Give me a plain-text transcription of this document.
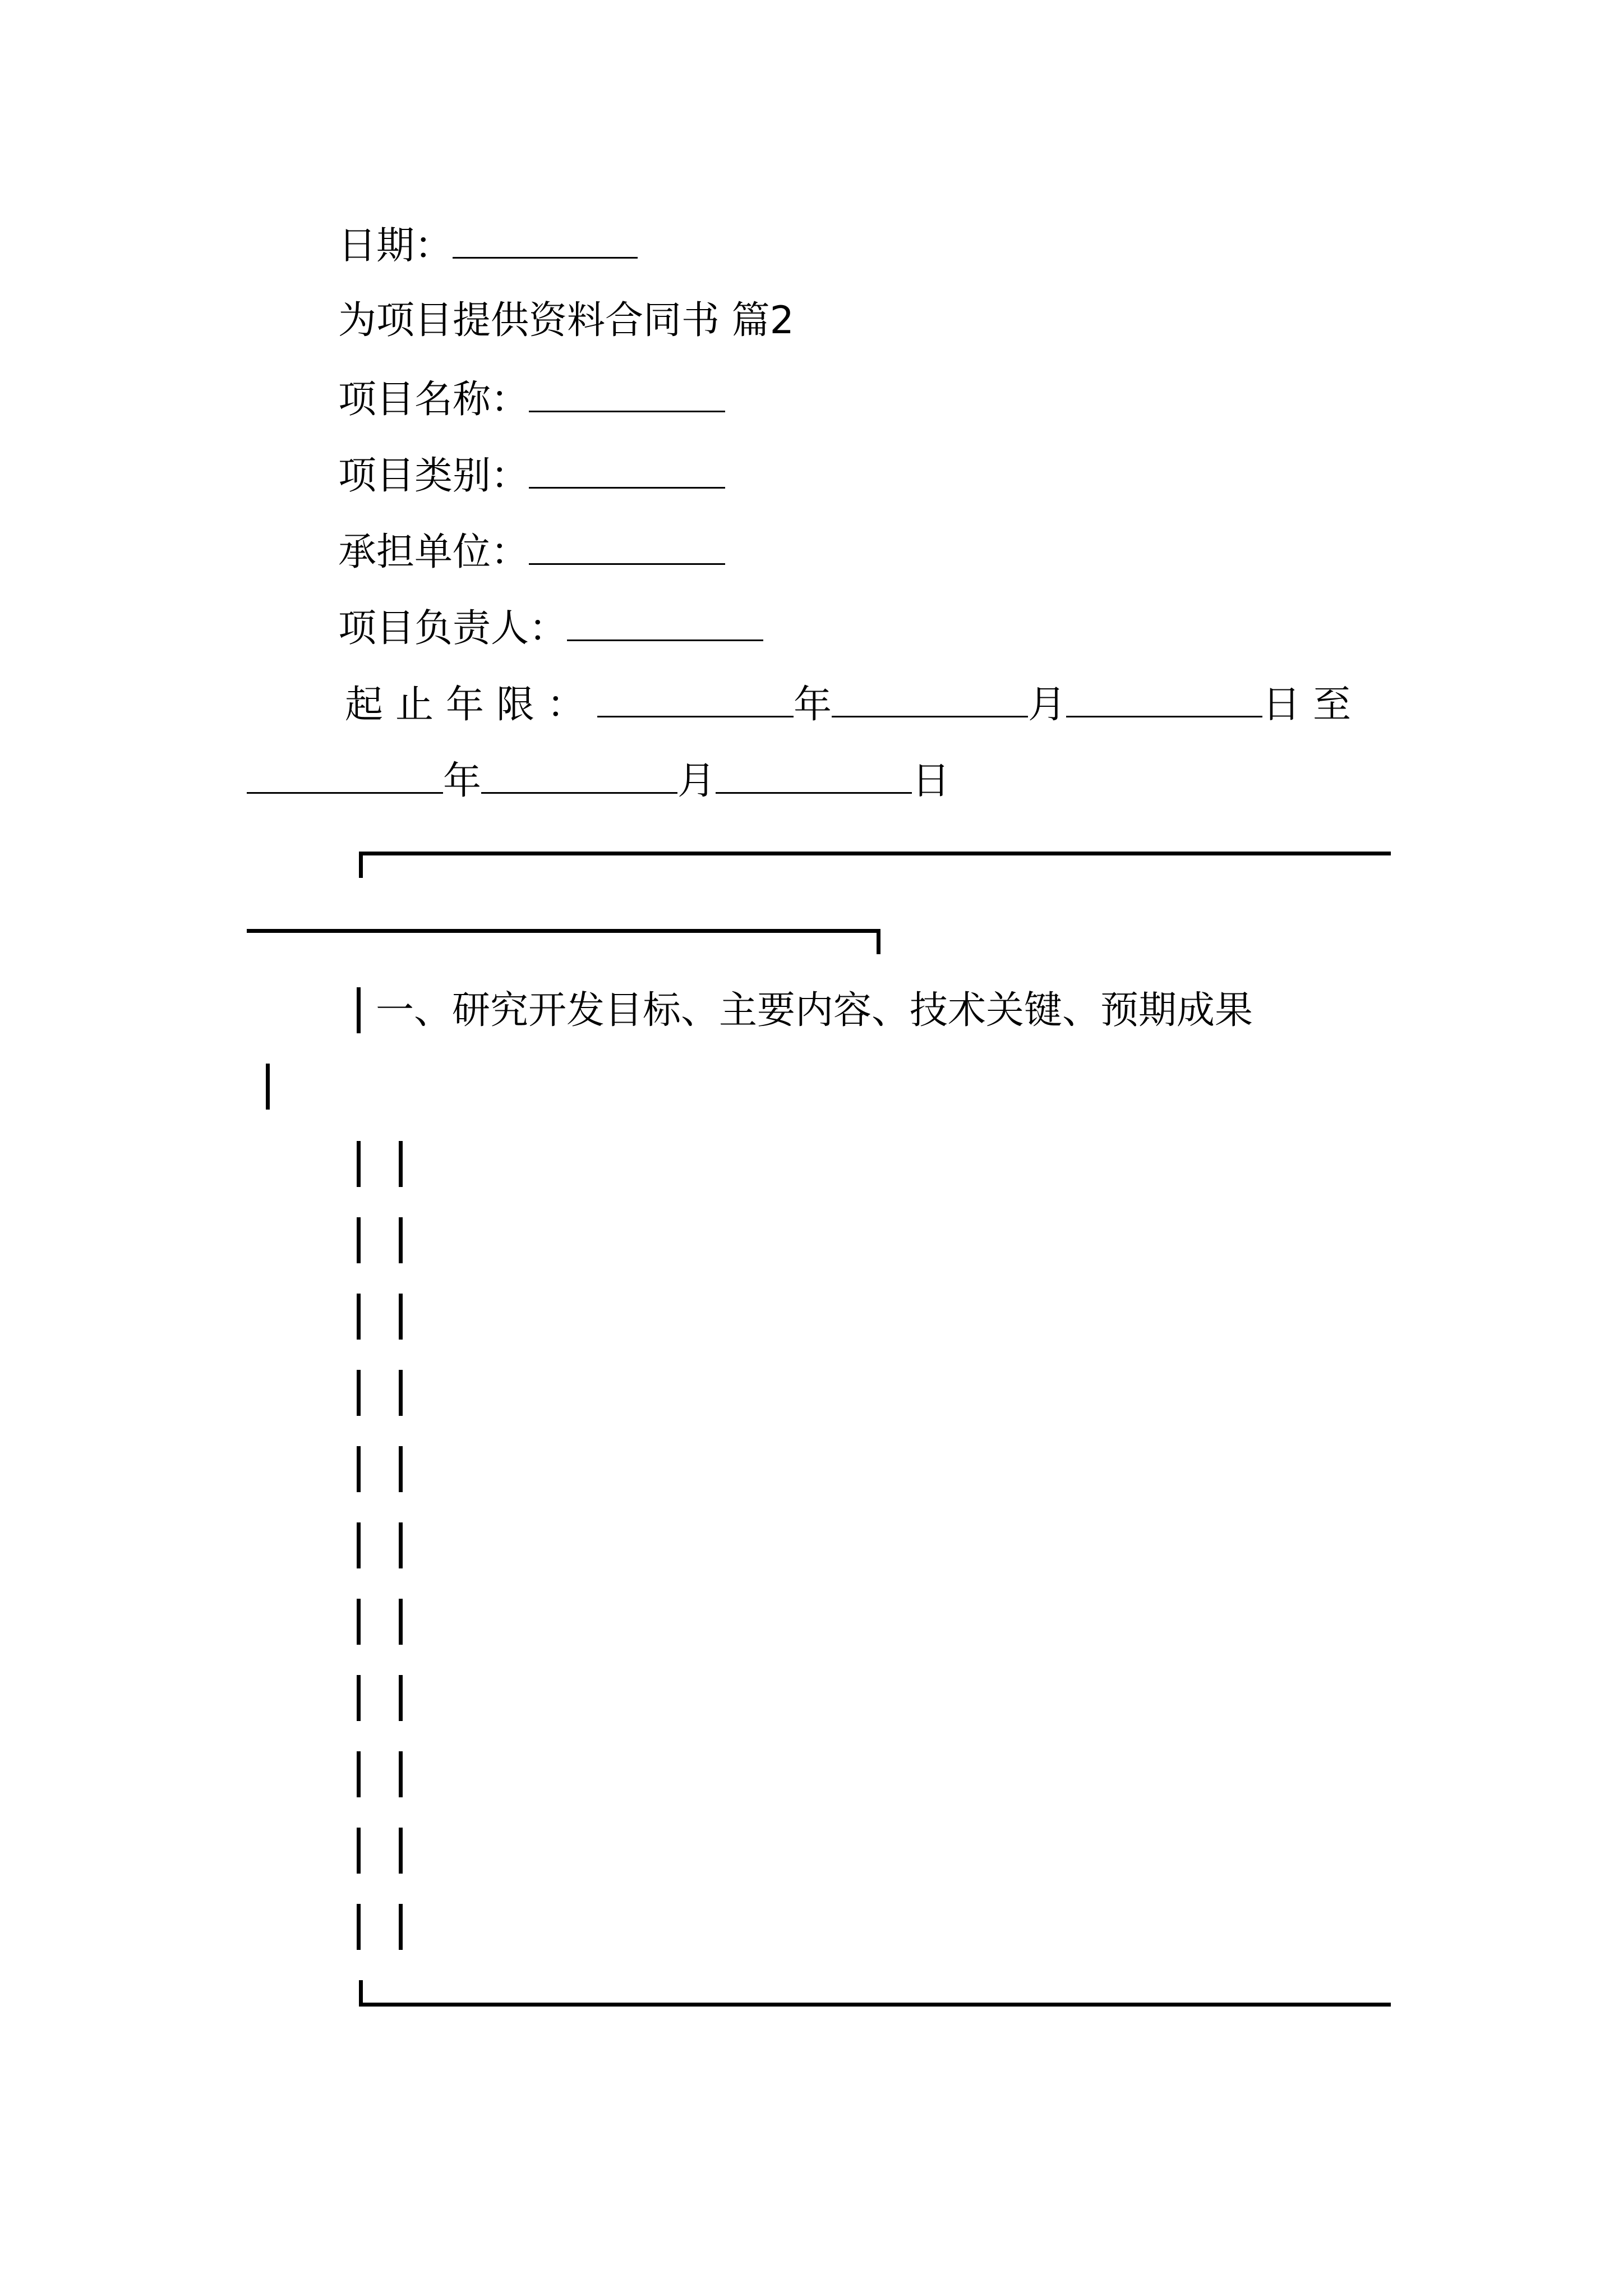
日期：
为项目提供资料合同书 篇2
项目名称：
项目类别：
承担单位：
项目负责人：
起止年限：	年	月	日至
年	月	日
一、研究开发目标、主要内容、技术关键、预期成果
